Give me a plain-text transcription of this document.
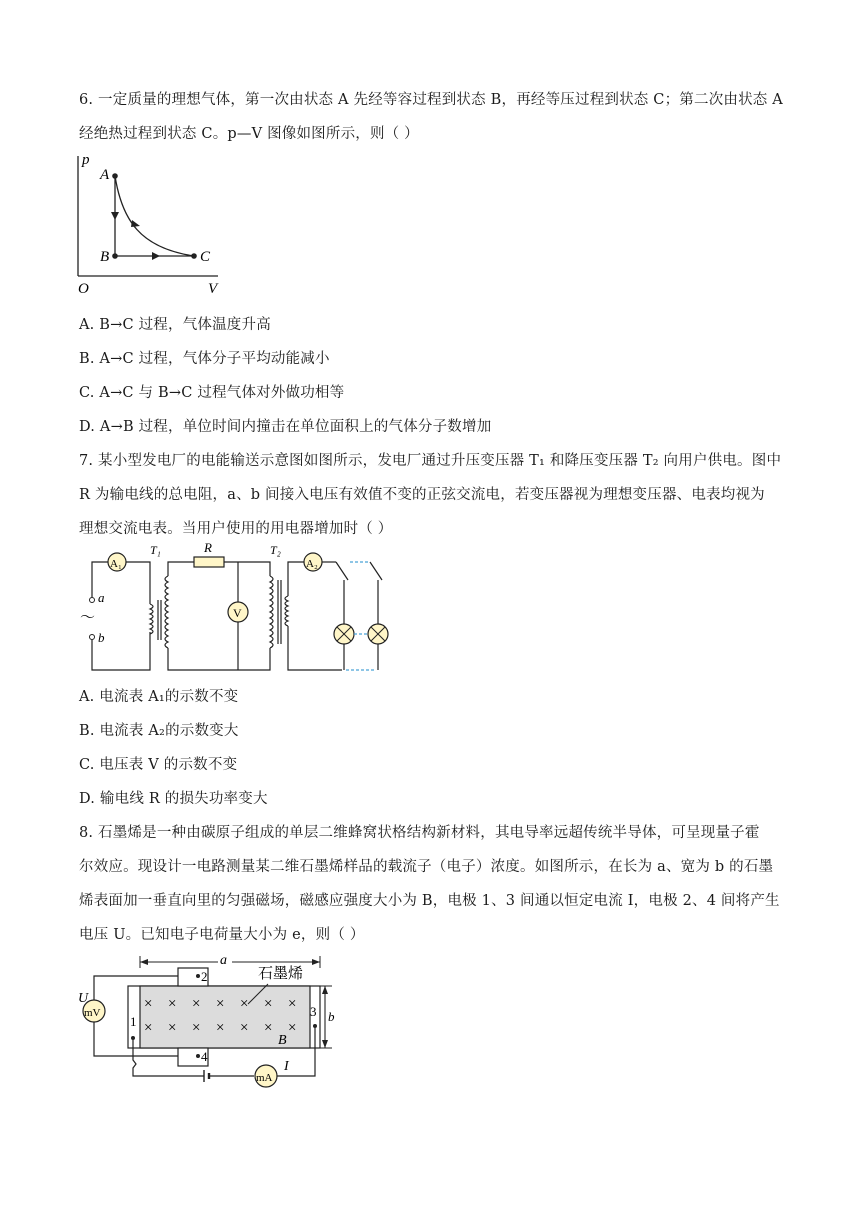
6. 一定质量的理想气体，第一次由状态 A 先经等容过程到状态 B，再经等压过程到状态 C；第二次由状态 A
经绝热过程到状态 C。p—V 图像如图所示，则（ ）
p
A
B	C
O	V
A. B→C 过程，气体温度升高
B. A→C 过程，气体分子平均动能减小
C. A→C 与 B→C 过程气体对外做功相等
D. A→B 过程，单位时间内撞击在单位面积上的气体分子数增加
7. 某小型发电厂的电能输送示意图如图所示，发电厂通过升压变压器 T₁ 和降压变压器 T₂ 向用户供电。图中
R 为输电线的总电阻，a、b 间接入电压有效值不变的正弦交流电，若变压器视为理想变压器、电表均视为
理想交流电表。当用户使用的用电器增加时（ ）
A₁
a
～
b
T₁	R
V
T₂
A₂
A. 电流表 A₁的示数不变
B. 电流表 A₂的示数变大
C. 电压表 V 的示数不变
D. 输电线 R 的损失功率变大
8. 石墨烯是一种由碳原子组成的单层二维蜂窝状格结构新材料，其电导率远超传统半导体，可呈现量子霍
尔效应。现设计一电路测量某二维石墨烯样品的载流子（电子）浓度。如图所示，在长为 a、宽为 b 的石墨
烯表面加一垂直向里的匀强磁场，磁感应强度大小为 B，电极 1、3 间通以恒定电流 I，电极 2、4 间将产生
电压 U。已知电子电荷量大小为 e，则（ ）
a
2
4
石墨烯
× × × × × × ×
× × × × × × ×
B
1
3 b
mV
U
mA
I
